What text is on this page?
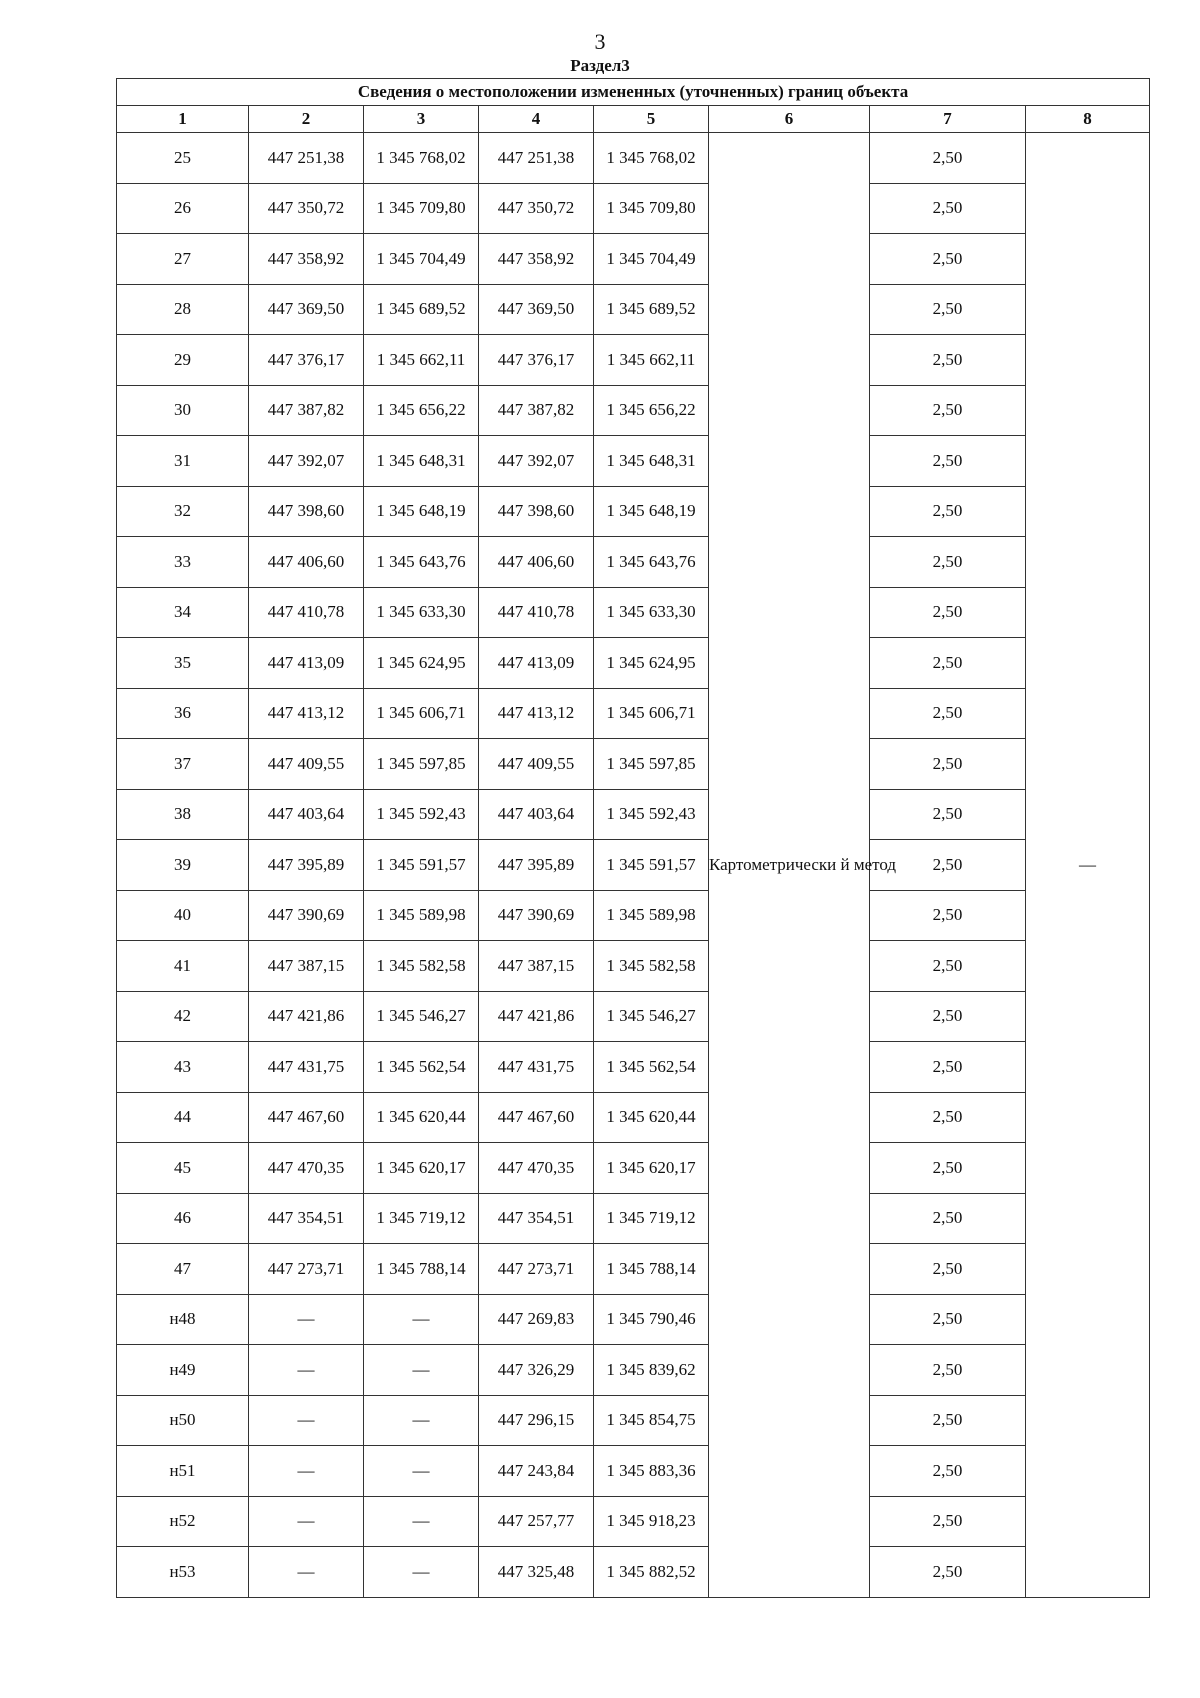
3
Раздел3
Сведения о местоположении измененных (уточненных) границ объекта							
1	2	3	4	5	6	7	8
25	447 251,38	1 345 768,02	447 251,38	1 345 768,02	Картометрически й метод	2,50	—
26	447 350,72	1 345 709,80	447 350,72	1 345 709,80		2,50	
27	447 358,92	1 345 704,49	447 358,92	1 345 704,49		2,50	
28	447 369,50	1 345 689,52	447 369,50	1 345 689,52		2,50	
29	447 376,17	1 345 662,11	447 376,17	1 345 662,11		2,50	
30	447 387,82	1 345 656,22	447 387,82	1 345 656,22		2,50	
31	447 392,07	1 345 648,31	447 392,07	1 345 648,31		2,50	
32	447 398,60	1 345 648,19	447 398,60	1 345 648,19		2,50	
33	447 406,60	1 345 643,76	447 406,60	1 345 643,76		2,50	
34	447 410,78	1 345 633,30	447 410,78	1 345 633,30		2,50	
35	447 413,09	1 345 624,95	447 413,09	1 345 624,95		2,50	
36	447 413,12	1 345 606,71	447 413,12	1 345 606,71		2,50	
37	447 409,55	1 345 597,85	447 409,55	1 345 597,85		2,50	
38	447 403,64	1 345 592,43	447 403,64	1 345 592,43		2,50	
39	447 395,89	1 345 591,57	447 395,89	1 345 591,57		2,50	
40	447 390,69	1 345 589,98	447 390,69	1 345 589,98		2,50	
41	447 387,15	1 345 582,58	447 387,15	1 345 582,58		2,50	
42	447 421,86	1 345 546,27	447 421,86	1 345 546,27		2,50	
43	447 431,75	1 345 562,54	447 431,75	1 345 562,54		2,50	
44	447 467,60	1 345 620,44	447 467,60	1 345 620,44		2,50	
45	447 470,35	1 345 620,17	447 470,35	1 345 620,17		2,50	
46	447 354,51	1 345 719,12	447 354,51	1 345 719,12		2,50	
47	447 273,71	1 345 788,14	447 273,71	1 345 788,14		2,50	
н48	—	—	447 269,83	1 345 790,46		2,50	
н49	—	—	447 326,29	1 345 839,62		2,50	
н50	—	—	447 296,15	1 345 854,75		2,50	
н51	—	—	447 243,84	1 345 883,36		2,50	
н52	—	—	447 257,77	1 345 918,23		2,50	
н53	—	—	447 325,48	1 345 882,52		2,50	
